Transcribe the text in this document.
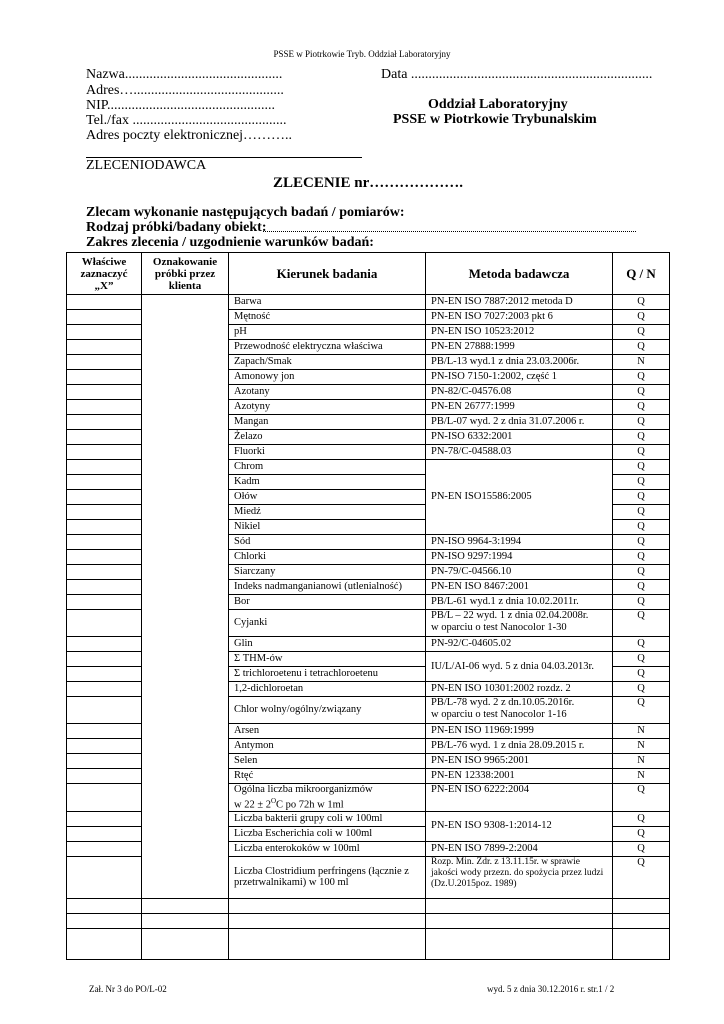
PSSE w Piotrkowie Tryb. Oddział Laboratoryjny
Nazwa.............................................
Adres…...........................................
NIP................................................
Tel./fax ............................................
Adres poczty elektronicznej………..
ZLECENIODAWCA
Data .....................................................................
Oddział Laboratoryjny
PSSE w Piotrkowie Trybunalskim
ZLECENIE nr……………….
Zlecam wykonanie następujących badań / pomiarów:
Rodzaj próbki/badany obiekt:
Zakres zlecenia / uzgodnienie warunków badań:
Właściwe
zaznaczyć
„X”	Oznakowanie
próbki przez
klienta	Kierunek badania	Metoda badawcza	Q / N
		Barwa	PN-EN ISO 7887:2012 metoda D	Q
		Mętność	PN-EN ISO 7027:2003 pkt 6	Q
		pH	PN-EN ISO 10523:2012	Q
		Przewodność elektryczna właściwa	PN-EN 27888:1999	Q
		Zapach/Smak	PB/L-13 wyd.1 z dnia 23.03.2006r.	N
		Amonowy jon	PN-ISO 7150-1:2002, część 1	Q
		Azotany	PN-82/C-04576.08	Q
		Azotyny	PN-EN 26777:1999	Q
		Mangan	PB/L-07 wyd. 2 z dnia 31.07.2006 r.	Q
		Żelazo	PN-ISO 6332:2001	Q
		Fluorki	PN-78/C-04588.03	Q
		Chrom	PN-EN ISO15586:2005	Q
		Kadm		Q
		Ołów		Q
		Miedź		Q
		Nikiel		Q
		Sód	PN-ISO 9964-3:1994	Q
		Chlorki	PN-ISO 9297:1994	Q
		Siarczany	PN-79/C-04566.10	Q
		Indeks nadmanganianowi (utlenialność)	PN-EN ISO 8467:2001	Q
		Bor	PB/L-61 wyd.1 z dnia 10.02.2011r.	Q
		Cyjanki	PB/L – 22 wyd. 1 z dnia 02.04.2008r.
w oparciu o test Nanocolor 1-30	Q
		Glin	PN-92/C-04605.02	Q
		Σ THM-ów	IU/L/AI-06 wyd. 5 z dnia 04.03.2013r.	Q
		Σ trichloroetenu i tetrachloroetenu		Q
		1,2-dichloroetan	PN-EN ISO 10301:2002 rozdz. 2	Q
		Chlor wolny/ogólny/związany	PB/L-78 wyd. 2 z dn.10.05.2016r.
w oparciu o test Nanocolor 1-16	Q
		Arsen	PN-EN ISO 11969:1999	N
		Antymon	PB/L-76 wyd. 1 z dnia 28.09.2015 r.	N
		Selen	PN-EN ISO 9965:2001	N
		Rtęć	PN-EN 12338:2001	N
		Ogólna liczba mikroorganizmów
w $22 \pm 2^OC$ po 72h w 1ml	PN-EN ISO 6222:2004	Q
		Liczba bakterii grupy coli w 100ml	PN-EN ISO 9308-1:2014-12	Q
		Liczba Escherichia coli w 100ml		Q
		Liczba enterokoków w 100ml	PN-EN ISO 7899-2:2004	Q
		Liczba Clostridium perfringens (łącznie z
przetrwalnikami) w 100 ml	Rozp. Min. Zdr. z 13.11.15r. w sprawie
jakości wody przezn. do spożycia przez ludzi
(Dz.U.2015poz. 1989)	Q

Zał. Nr 3 do PO/L-02	wyd. 5 z dnia 30.12.2016 r. str.1 / 2
